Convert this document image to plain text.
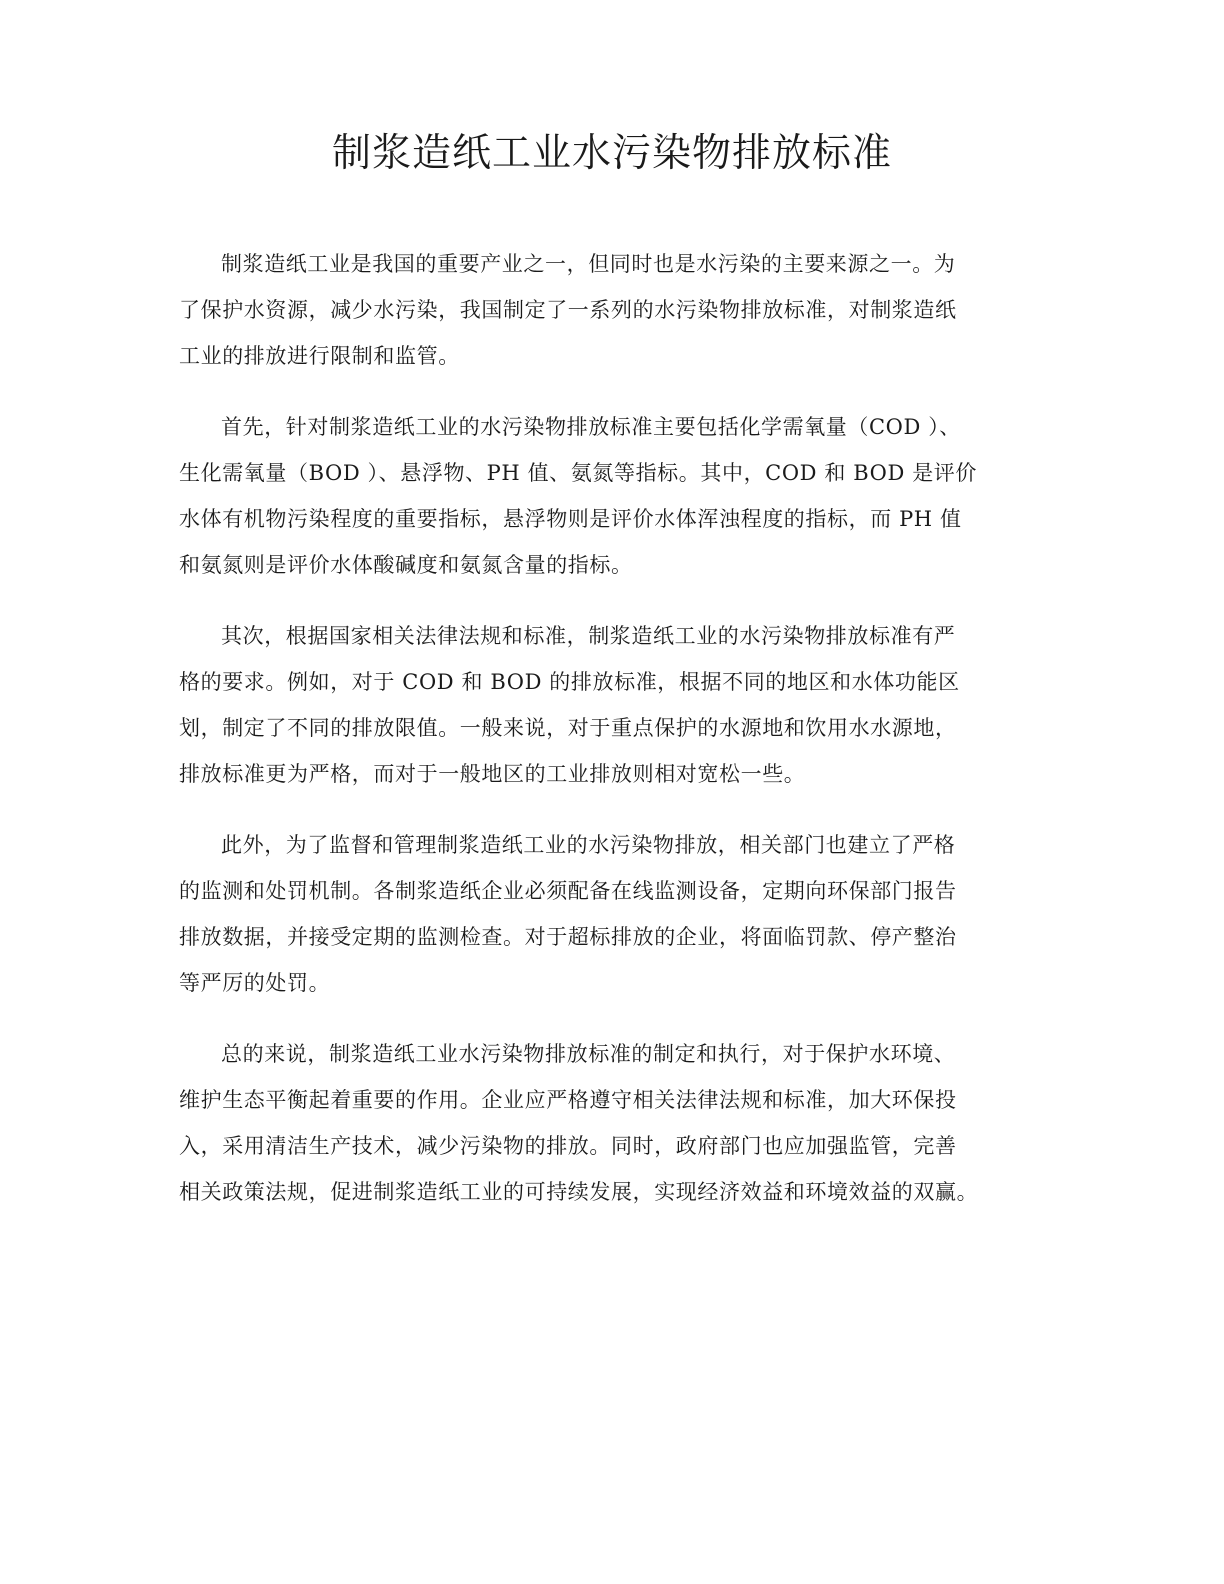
制浆造纸工业水污染物排放标准

制浆造纸工业是我国的重要产业之一，但同时也是水污染的主要来源之一。为
了保护水资源，减少水污染，我国制定了一系列的水污染物排放标准，对制浆造纸
工业的排放进行限制和监管。

首先，针对制浆造纸工业的水污染物排放标准主要包括化学需氧量（COD ）、
生化需氧量（BOD ）、悬浮物、PH 值、氨氮等指标。其中，COD 和 BOD 是评价
水体有机物污染程度的重要指标，悬浮物则是评价水体浑浊程度的指标，而 PH 值
和氨氮则是评价水体酸碱度和氨氮含量的指标。

其次，根据国家相关法律法规和标准，制浆造纸工业的水污染物排放标准有严
格的要求。例如，对于 COD 和 BOD 的排放标准，根据不同的地区和水体功能区
划，制定了不同的排放限值。一般来说，对于重点保护的水源地和饮用水水源地，
排放标准更为严格，而对于一般地区的工业排放则相对宽松一些。

此外，为了监督和管理制浆造纸工业的水污染物排放，相关部门也建立了严格
的监测和处罚机制。各制浆造纸企业必须配备在线监测设备，定期向环保部门报告
排放数据，并接受定期的监测检查。对于超标排放的企业，将面临罚款、停产整治
等严厉的处罚。

总的来说，制浆造纸工业水污染物排放标准的制定和执行，对于保护水环境、
维护生态平衡起着重要的作用。企业应严格遵守相关法律法规和标准，加大环保投
入，采用清洁生产技术，减少污染物的排放。同时，政府部门也应加强监管，完善
相关政策法规，促进制浆造纸工业的可持续发展，实现经济效益和环境效益的双赢。
